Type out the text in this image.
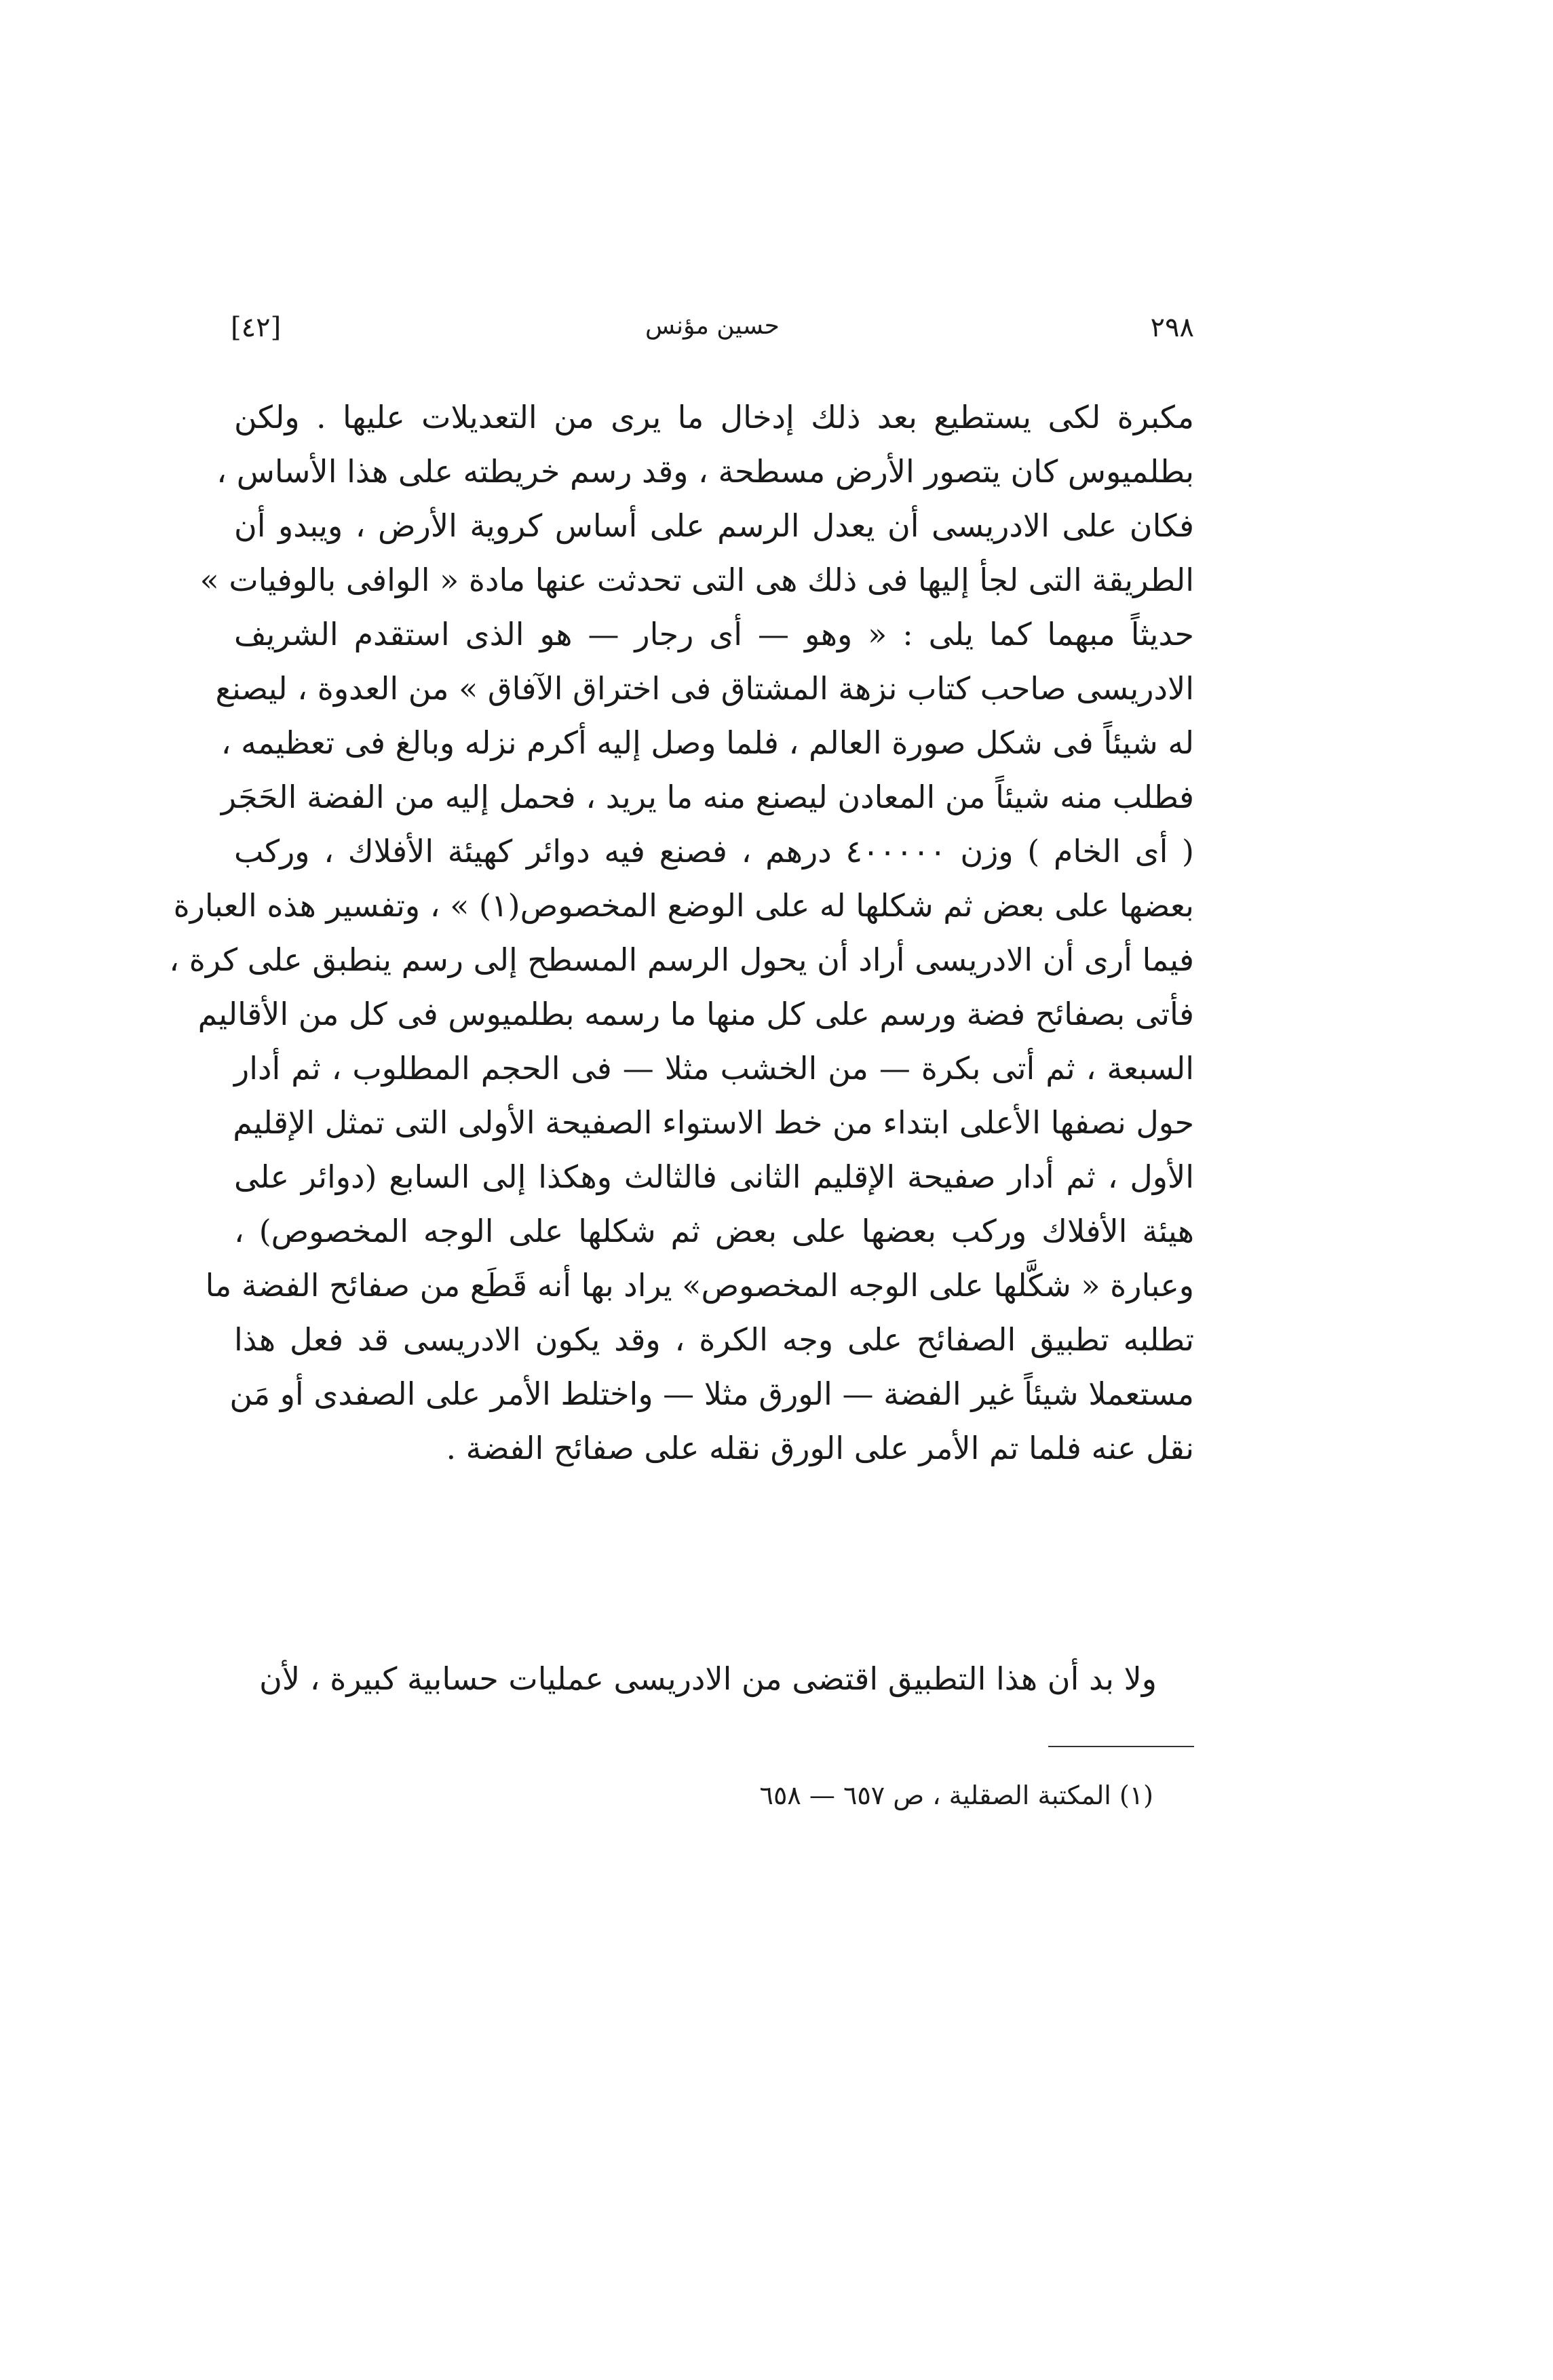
٢٩٨
حسين مؤنس
[٤٢]
مكبرة لكى يستطيع بعد ذلك إدخال ما يرى من التعديلات عليها . ولكن
بطلميوس كان يتصور الأرض مسطحة ، وقد رسم خريطته على هذا الأساس ،
فكان على الادريسى أن يعدل الرسم على أساس كروية الأرض ، ويبدو أن
الطريقة التى لجأ إليها فى ذلك هى التى تحدثت عنها مادة « الوافى بالوفيات »
حديثاً مبهما كما يلى : « وهو — أى رجار — هو الذى استقدم الشريف
الادريسى صاحب كتاب نزهة المشتاق فى اختراق الآفاق » من العدوة ، ليصنع
له شيئاً فى شكل صورة العالم ، فلما وصل إليه أكرم نزله وبالغ فى تعظيمه ،
فطلب منه شيئاً من المعادن ليصنع منه ما يريد ، فحمل إليه من الفضة الحَجَر
( أى الخام ) وزن ٤٠٠٠٠٠ درهم ، فصنع فيه دوائر كهيئة الأفلاك ، وركب
بعضها على بعض ثم شكلها له على الوضع المخصوص(١) » ، وتفسير هذه العبارة
فيما أرى أن الادريسى أراد أن يحول الرسم المسطح إلى رسم ينطبق على كرة ،
فأتى بصفائح فضة ورسم على كل منها ما رسمه بطلميوس فى كل من الأقاليم
السبعة ، ثم أتى بكرة — من الخشب مثلا — فى الحجم المطلوب ، ثم أدار
حول نصفها الأعلى ابتداء من خط الاستواء الصفيحة الأولى التى تمثل الإقليم
الأول ، ثم أدار صفيحة الإقليم الثانى فالثالث وهكذا إلى السابع (دوائر على
هيئة الأفلاك وركب بعضها على بعض ثم شكلها على الوجه المخصوص) ،
وعبارة « شكَّلها على الوجه المخصوص» يراد بها أنه قَطَع من صفائح الفضة ما
تطلبه تطبيق الصفائح على وجه الكرة ، وقد يكون الادريسى قد فعل هذا
مستعملا شيئاً غير الفضة — الورق مثلا — واختلط الأمر على الصفدى أو مَن
نقل عنه فلما تم الأمر على الورق نقله على صفائح الفضة .
ولا بد أن هذا التطبيق اقتضى من الادريسى عمليات حسابية كبيرة ، لأن
(١) المكتبة الصقلية ، ص ٦٥٧ — ٦٥٨
